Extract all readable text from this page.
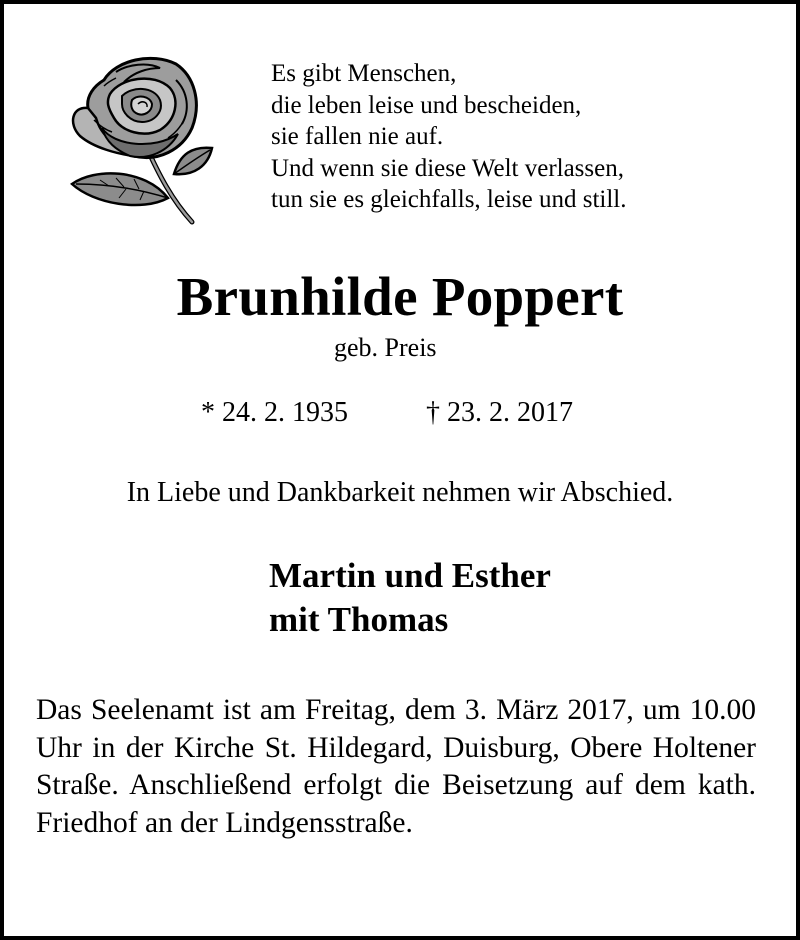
Es gibt Menschen,
die leben leise und bescheiden,
sie fallen nie auf.
Und wenn sie diese Welt verlassen,
tun sie es gleichfalls, leise und still.
Brunhilde Poppert
geb. Preis
* 24. 2. 1935	† 23. 2. 2017
In Liebe und Dankbarkeit nehmen wir Abschied.
Martin und Esther
mit Thomas
Das Seelenamt ist am Freitag, dem 3. März 2017, um 10.00 Uhr in der Kirche St. Hildegard, Duisburg, Obere Holtener Straße. Anschließend erfolgt die Beisetzung auf dem kath. Friedhof an der Lindgensstraße.
